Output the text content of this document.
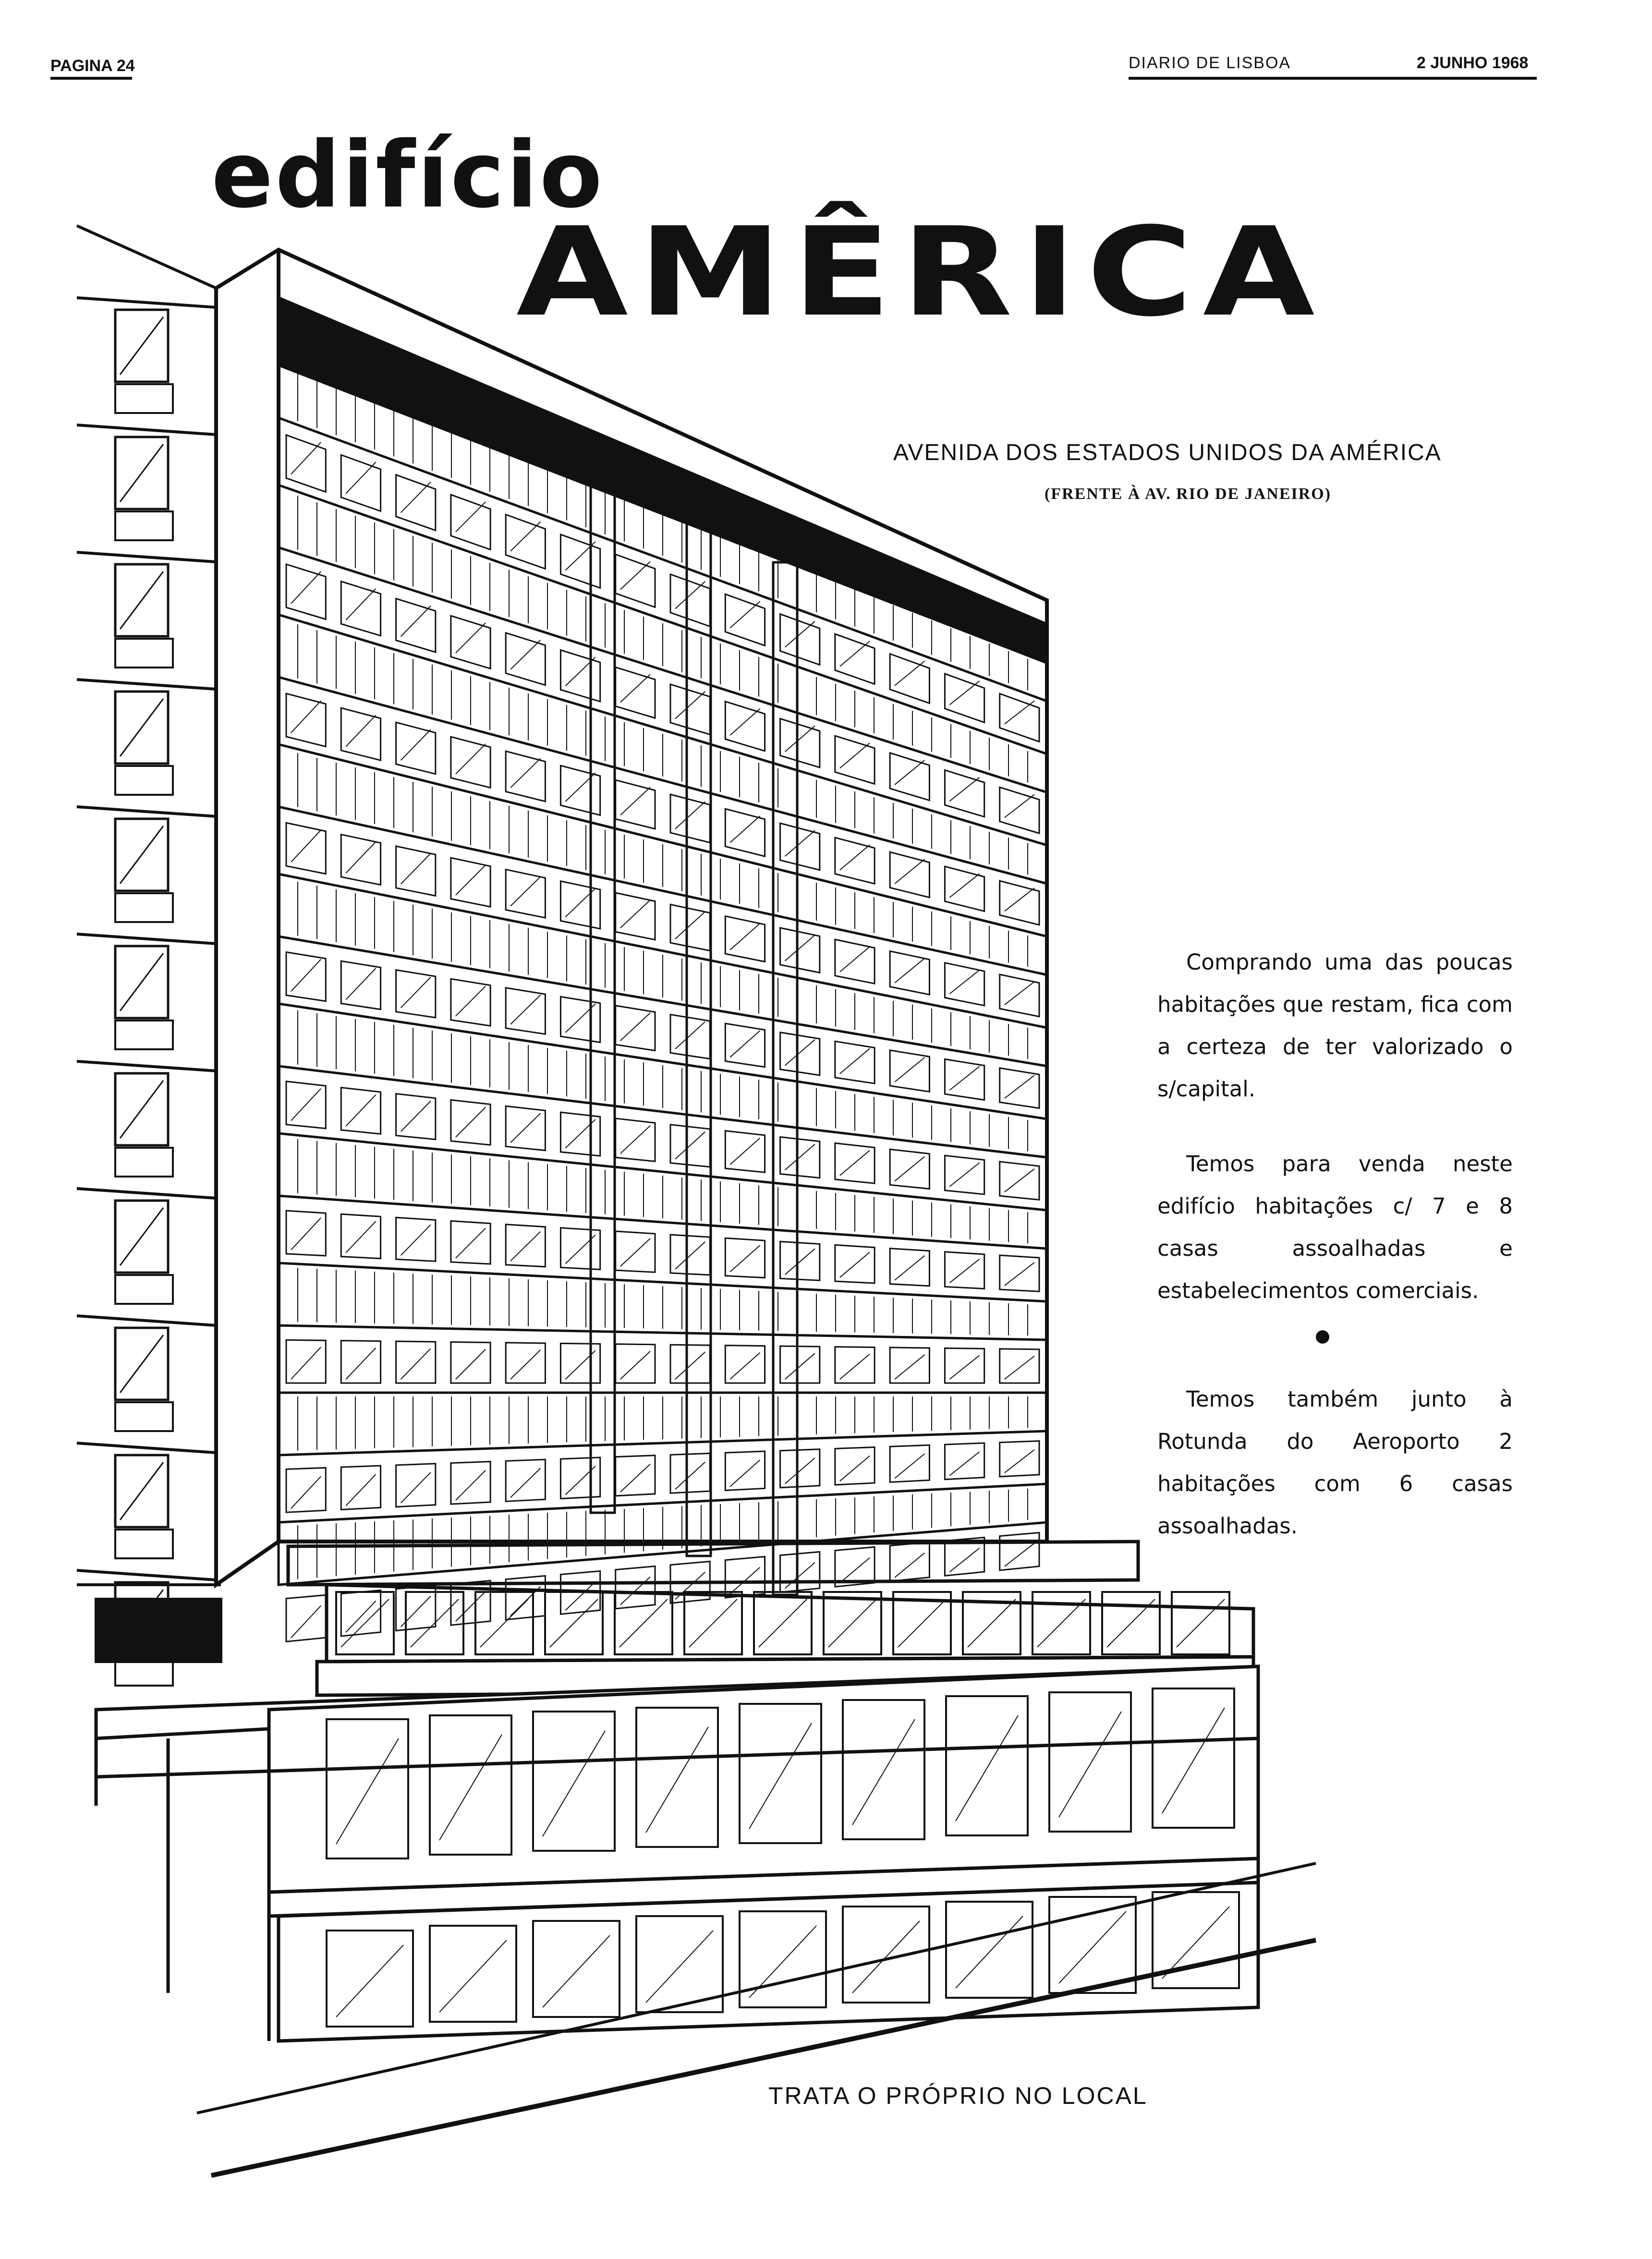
PAGINA 24	DIARIO DE LISBOA	2 JUNHO 1968
edifício
AMÊRICA
AVENIDA DOS ESTADOS UNIDOS DA AMÉRICA
(FRENTE À AV. RIO DE JANEIRO)
Comprando uma das poucas habitações que restam, fica com a certeza de ter valorizado o s/capital.
Temos para venda neste edifício habitações c/ 7 e 8 casas assoalhadas e estabelecimentos comerciais.
Temos também junto à Rotunda do Aeroporto 2 habitações com 6 casas assoalhadas.
TRATA O PRÓPRIO NO LOCAL
